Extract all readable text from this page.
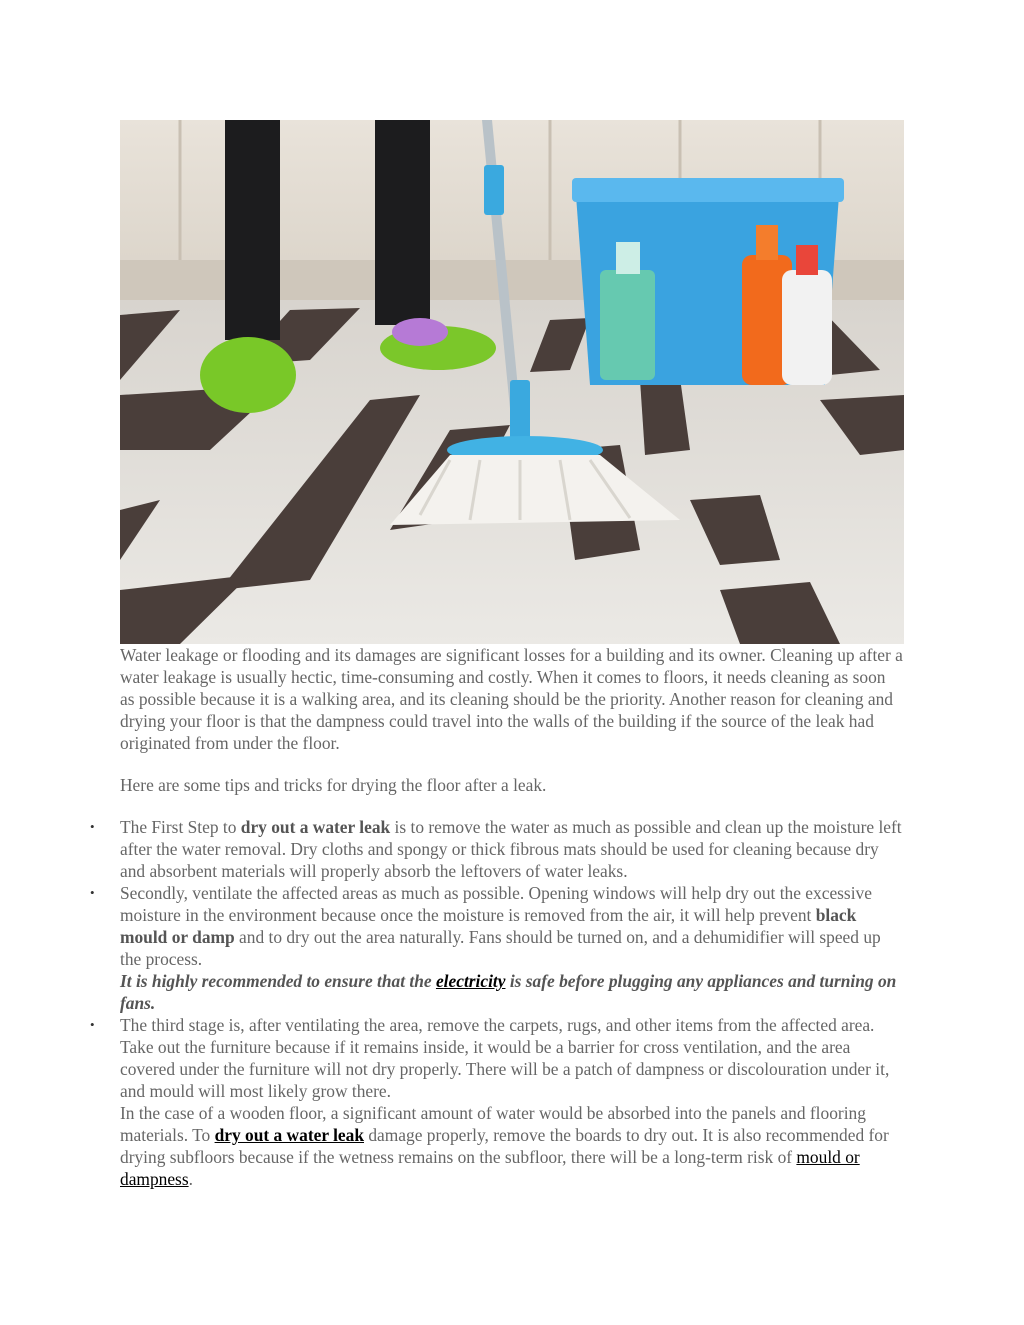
Water leakage or flooding and its damages are significant losses for a building and its owner. Cleaning up after a water leakage is usually hectic, time-consuming and costly. When it comes to floors, it needs cleaning as soon as possible because it is a walking area, and its cleaning should be the priority. Another reason for cleaning and drying your floor is that the dampness could travel into the walls of the building if the source of the leak had originated from under the floor.

Here are some tips and tricks for drying the floor after a leak.

• The First Step to dry out a water leak is to remove the water as much as possible and clean up the moisture left after the water removal. Dry cloths and spongy or thick fibrous mats should be used for cleaning because dry and absorbent materials will properly absorb the leftovers of water leaks.
• Secondly, ventilate the affected areas as much as possible. Opening windows will help dry out the excessive moisture in the environment because once the moisture is removed from the air, it will help prevent black mould or damp and to dry out the area naturally. Fans should be turned on, and a dehumidifier will speed up the process.
It is highly recommended to ensure that the electricity is safe before plugging any appliances and turning on fans.
• The third stage is, after ventilating the area, remove the carpets, rugs, and other items from the affected area. Take out the furniture because if it remains inside, it would be a barrier for cross ventilation, and the area covered under the furniture will not dry properly. There will be a patch of dampness or discolouration under it, and mould will most likely grow there.
In the case of a wooden floor, a significant amount of water would be absorbed into the panels and flooring materials. To dry out a water leak damage properly, remove the boards to dry out. It is also recommended for drying subfloors because if the wetness remains on the subfloor, there will be a long-term risk of mould or dampness.
